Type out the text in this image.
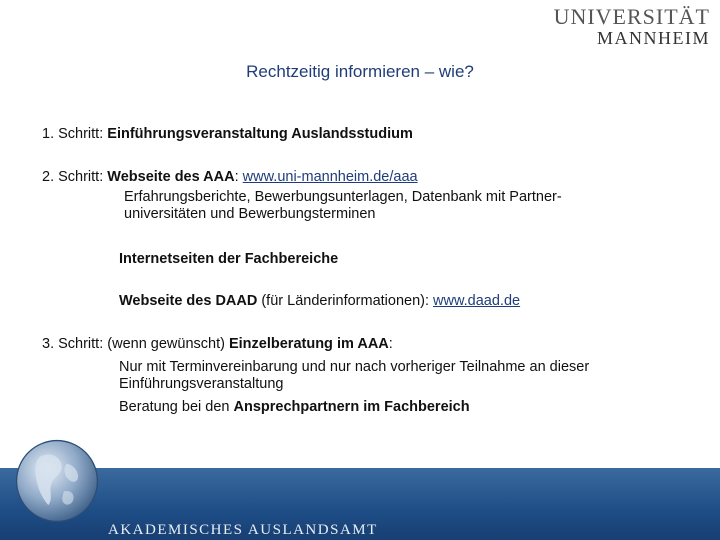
UNIVERSITÄT
MANNHEIM
Rechtzeitig informieren – wie?
1. Schritt: Einführungsveranstaltung Auslandsstudium
2. Schritt: Webseite des AAA: www.uni-mannheim.de/aaa
Erfahrungsberichte, Bewerbungsunterlagen, Datenbank mit Partner-
universitäten und Bewerbungsterminen
Internetseiten der Fachbereiche
Webseite des DAAD (für Länderinformationen): www.daad.de
3. Schritt: (wenn gewünscht) Einzelberatung im AAA:
Nur mit Terminvereinbarung und nur nach vorheriger Teilnahme an dieser
Einführungsveranstaltung
Beratung bei den Ansprechpartnern im Fachbereich
AKADEMISCHES AUSLANDSAMT
